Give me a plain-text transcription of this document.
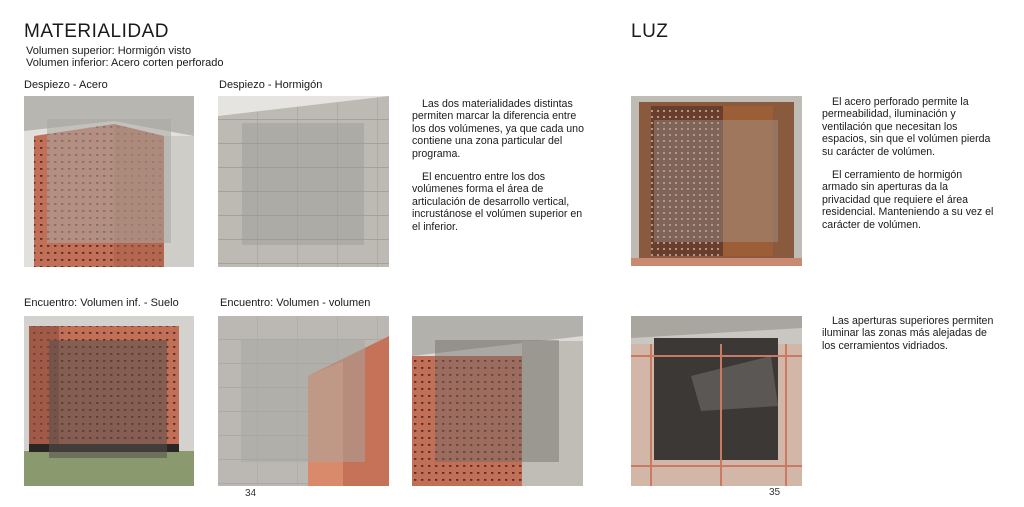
MATERIALIDAD
Volumen superior: Hormigón visto
Volumen inferior: Acero corten perforado
Despiezo - Acero	Despiezo - Hormigón

Las dos materialidades distintas permiten marcar la diferencia entre los dos volúmenes, ya que cada uno contiene una zona particular del programa.

El encuentro entre los dos volúmenes forma el área de articulación de desarrollo vertical, incrustánose el volúmen superior en el inferior.

Encuentro: Volumen inf. - Suelo	Encuentro: Volumen - volumen
34
LUZ

El acero perforado permite la permeabilidad, iluminación y ventilación que necesitan los espacios, sin que el volúmen pierda su carácter de volúmen.

El cerramiento de hormigón armado sin aperturas da la privacidad que requiere el área residencial. Manteniendo a su vez el carácter de volúmen.

Las aperturas superiores permiten iluminar las zonas más alejadas de los cerramientos vidriados.

35
